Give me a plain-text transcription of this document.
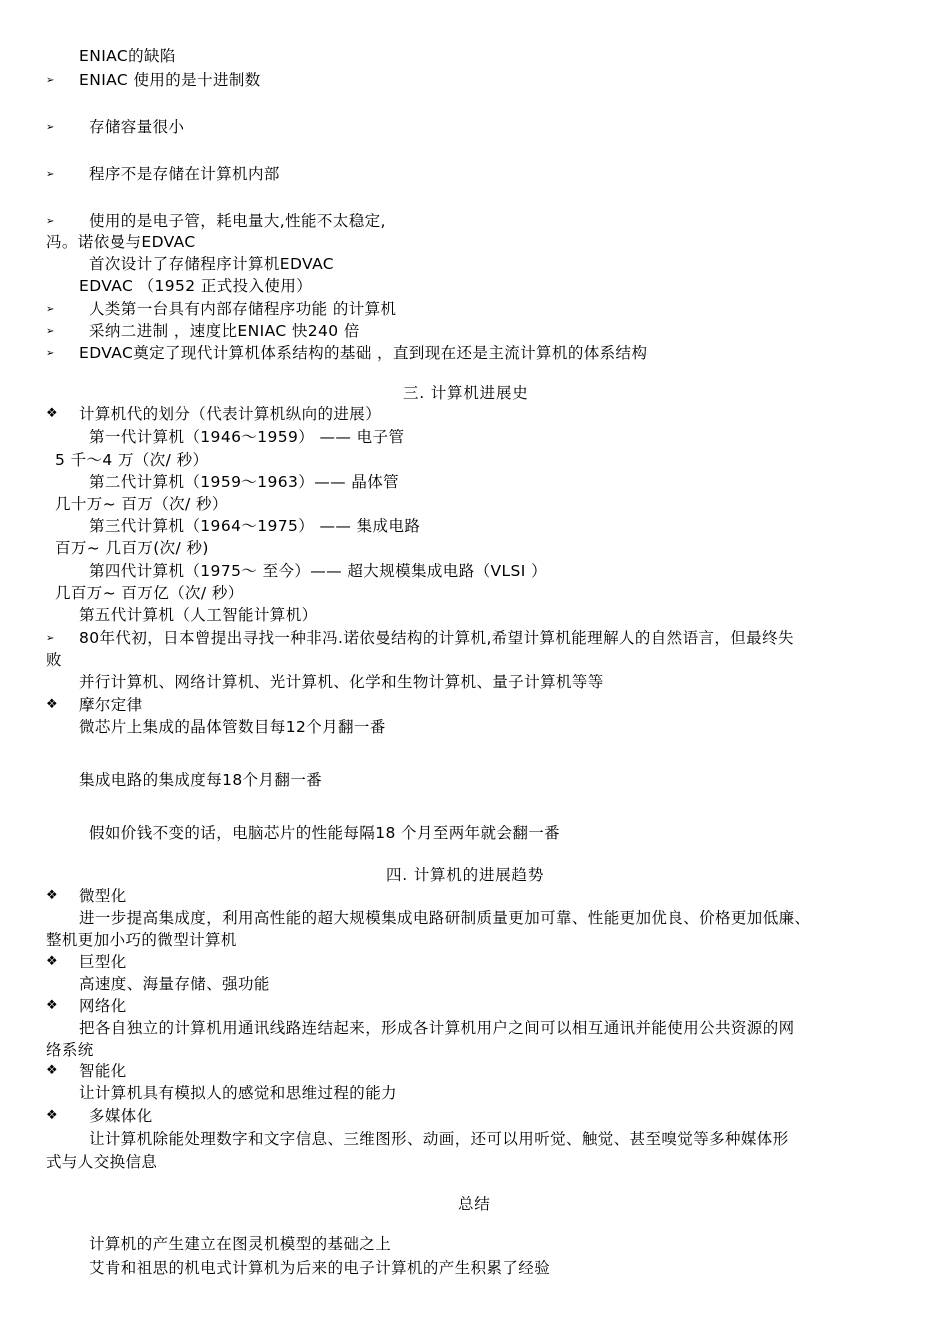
ENIAC的缺陷
➢ ENIAC 使用的是十进制数
➢ 存储容量很小
➢ 程序不是存储在计算机内部
➢ 使用的是电子管，耗电量大,性能不太稳定,
冯。诺依曼与EDVAC
首次设计了存储程序计算机EDVAC
EDVAC （1952 正式投入使用）
➢ 人类第一台具有内部存储程序功能 的计算机
➢ 采纳二进制 ，速度比ENIAC 快240 倍
➢ EDVAC奠定了现代计算机体系结构的基础 ，直到现在还是主流计算机的体系结构
三. 计算机进展史
❖ 计算机代的划分（代表计算机纵向的进展）
第一代计算机（1946～1959） —— 电子管
5 千～4 万（次/ 秒）
第二代计算机（1959～1963）—— 晶体管
几十万~ 百万（次/ 秒）
第三代计算机（1964～1975） —— 集成电路
百万~ 几百万(次/ 秒)
第四代计算机（1975～ 至今）—— 超大规模集成电路（VLSI ）
几百万~ 百万亿（次/ 秒）
第五代计算机（人工智能计算机）
➢ 80年代初，日本曾提出寻找一种非冯.诺依曼结构的计算机,希望计算机能理解人的自然语言，但最终失
败
并行计算机、网络计算机、光计算机、化学和生物计算机、量子计算机等等
❖ 摩尔定律
微芯片上集成的晶体管数目每12个月翻一番
集成电路的集成度每18个月翻一番
假如价钱不变的话，电脑芯片的性能每隔18 个月至两年就会翻一番
四. 计算机的进展趋势
❖ 微型化
进一步提高集成度，利用高性能的超大规模集成电路研制质量更加可靠、性能更加优良、价格更加低廉、
整机更加小巧的微型计算机
❖ 巨型化
高速度、海量存储、强功能
❖ 网络化
把各自独立的计算机用通讯线路连结起来，形成各计算机用户之间可以相互通讯并能使用公共资源的网
络系统
❖ 智能化
让计算机具有模拟人的感觉和思维过程的能力
❖ 多媒体化
让计算机除能处理数字和文字信息、三维图形、动画，还可以用听觉、触觉、甚至嗅觉等多种媒体形
式与人交换信息
总结
计算机的产生建立在图灵机模型的基础之上
艾肯和祖思的机电式计算机为后来的电子计算机的产生积累了经验
